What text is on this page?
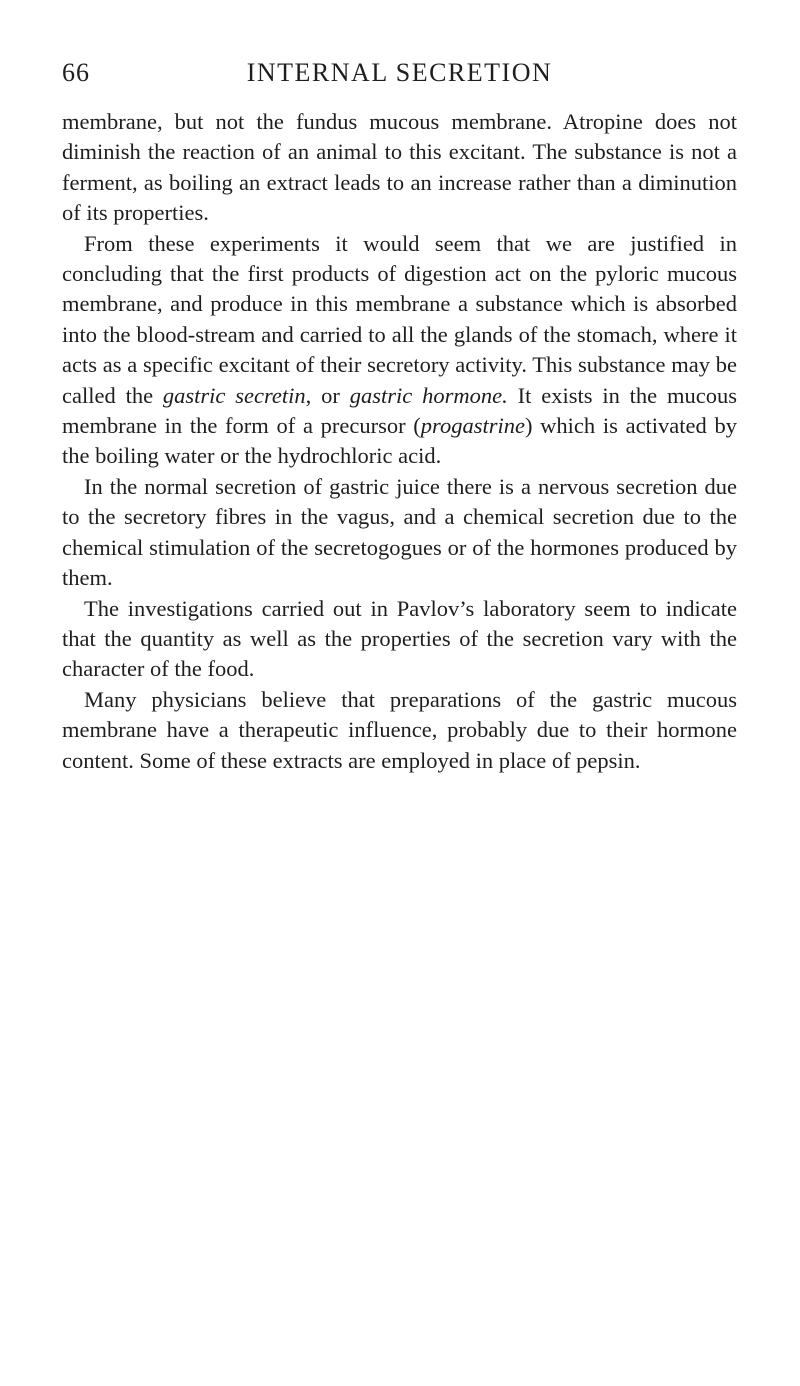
66	INTERNAL SECRETION

membrane, but not the fundus mucous membrane. Atropine does not diminish the reaction of an animal to this excitant. The substance is not a ferment, as boiling an extract leads to an increase rather than a diminution of its properties.

From these experiments it would seem that we are justified in concluding that the first products of digestion act on the pyloric mucous membrane, and produce in this membrane a substance which is absorbed into the blood-stream and carried to all the glands of the stomach, where it acts as a specific excitant of their secretory activity. This substance may be called the gastric secretin, or gastric hormone. It exists in the mucous membrane in the form of a precursor (progastrine) which is activated by the boiling water or the hydrochloric acid.

In the normal secretion of gastric juice there is a nervous secretion due to the secretory fibres in the vagus, and a chemical secretion due to the chemical stimulation of the secretogogues or of the hormones produced by them.

The investigations carried out in Pavlov’s laboratory seem to indicate that the quantity as well as the properties of the secretion vary with the character of the food.

Many physicians believe that preparations of the gastric mucous membrane have a therapeutic influence, probably due to their hormone content. Some of these extracts are employed in place of pepsin.
